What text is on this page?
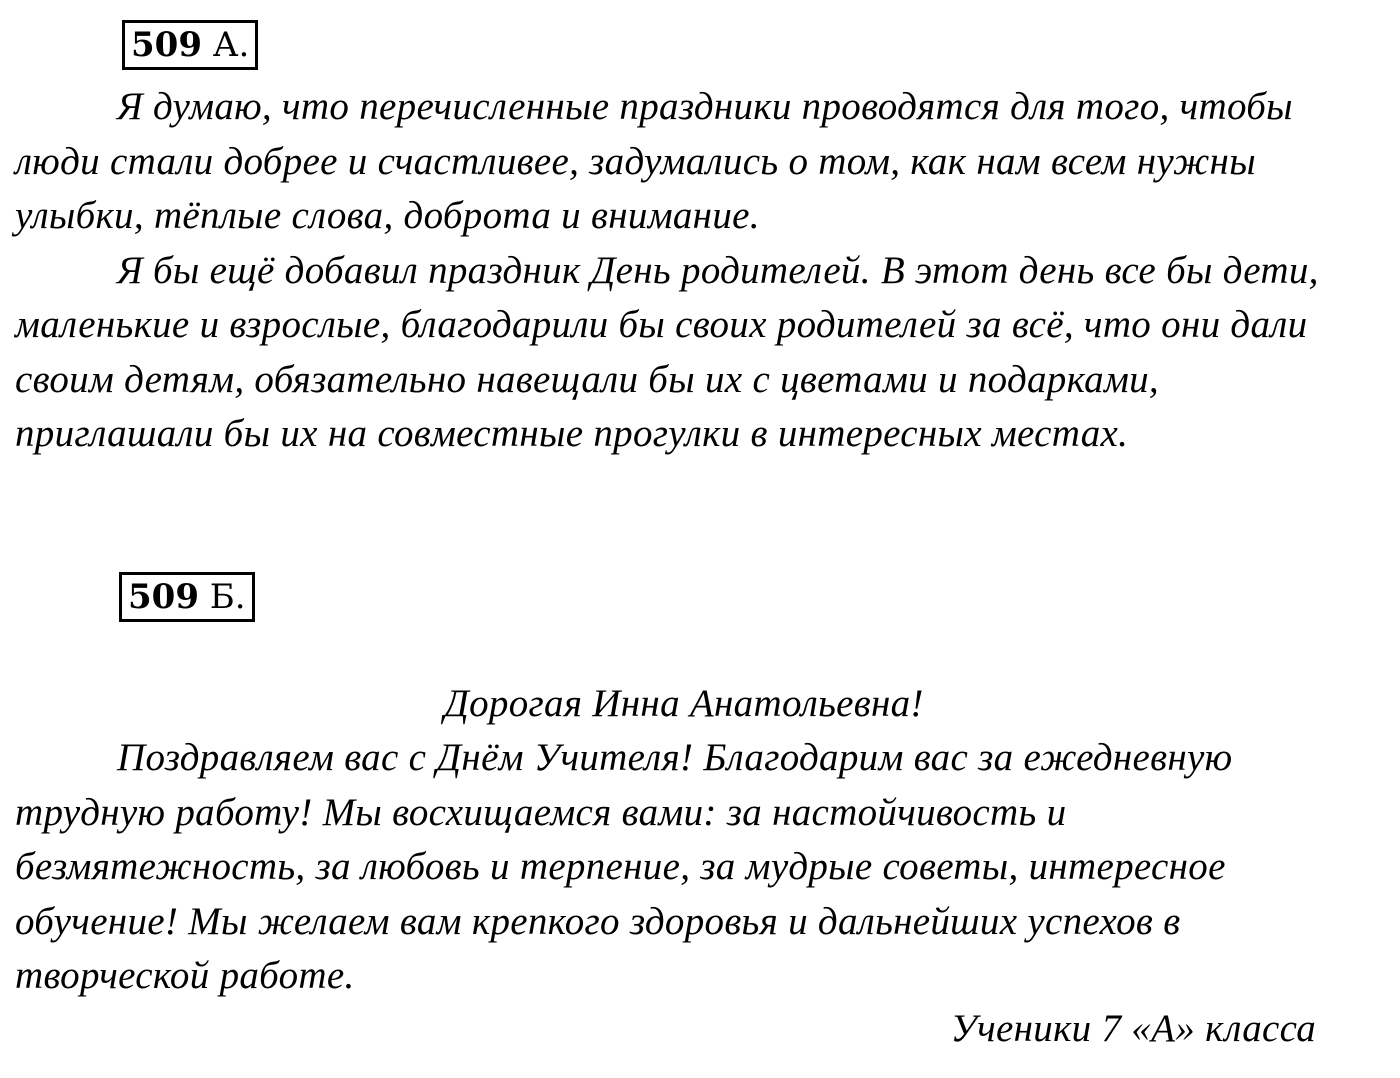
509 А.
Я думаю, что перечисленные праздники проводятся для того, чтобы
люди стали добрее и счастливее, задумались о том, как нам всем нужны
улыбки, тёплые слова, доброта и внимание.
Я бы ещё добавил праздник День родителей. В этот день все бы дети,
маленькие и взрослые, благодарили бы своих родителей за всё, что они дали
своим детям, обязательно навещали бы их с цветами и подарками,
приглашали бы их на совместные прогулки в интересных местах.
509 Б.
Дорогая Инна Анатольевна!
Поздравляем вас с Днём Учителя! Благодарим вас за ежедневную
трудную работу! Мы восхищаемся вами: за настойчивость и
безмятежность, за любовь и терпение, за мудрые советы, интересное
обучение! Мы желаем вам крепкого здоровья и дальнейших успехов в
творческой работе.
Ученики 7 «А» класса
